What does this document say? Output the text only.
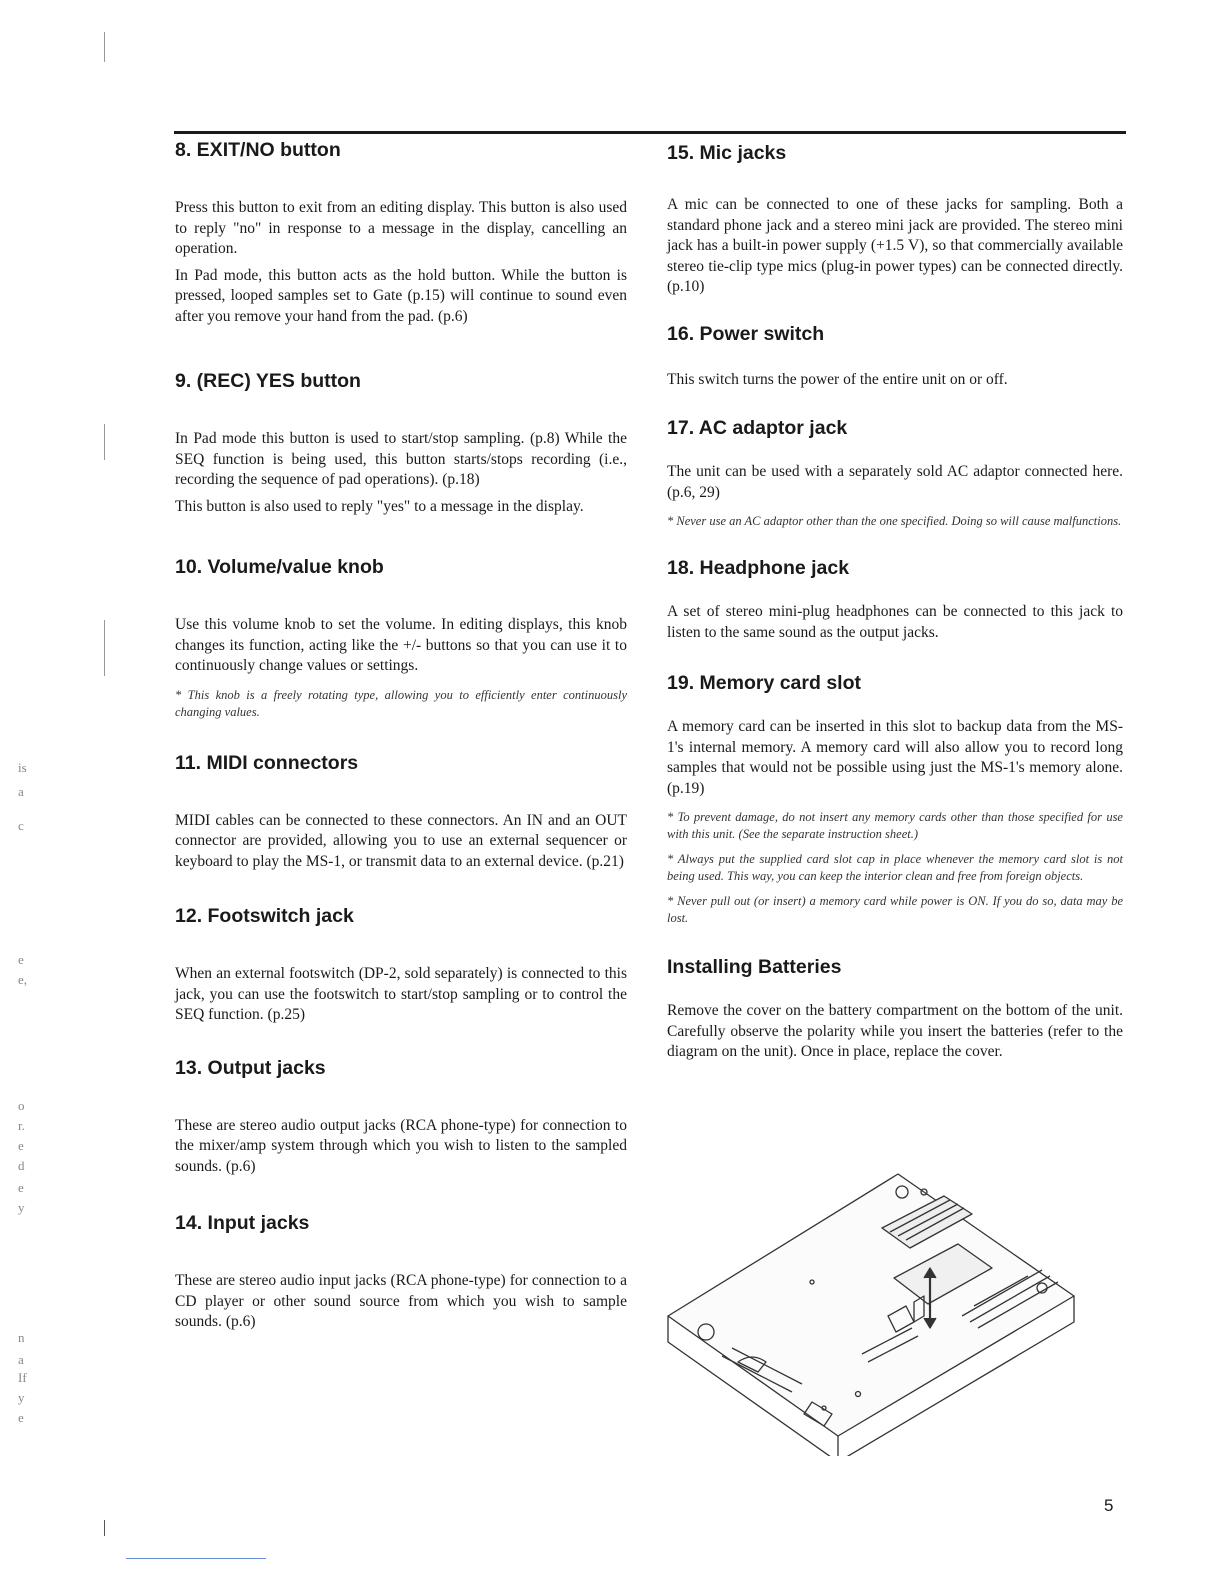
8. EXIT/NO button

Press this button to exit from an editing display. This button is also used to reply "no" in response to a message in the display, cancelling an operation.

In Pad mode, this button acts as the hold button. While the button is pressed, looped samples set to Gate (p.15) will continue to sound even after you remove your hand from the pad. (p.6)

9. (REC) YES button

In Pad mode this button is used to start/stop sampling. (p.8) While the SEQ function is being used, this button starts/stops recording (i.e., recording the sequence of pad operations). (p.18)

This button is also used to reply "yes" to a message in the display.

10. Volume/value knob

Use this volume knob to set the volume. In editing displays, this knob changes its function, acting like the +/- buttons so that you can use it to continuously change values or settings.

* This knob is a freely rotating type, allowing you to efficiently enter continuously changing values.

11. MIDI connectors

MIDI cables can be connected to these connectors. An IN and an OUT connector are provided, allowing you to use an external sequencer or keyboard to play the MS-1, or transmit data to an external device. (p.21)

12. Footswitch jack

When an external footswitch (DP-2, sold separately) is connected to this jack, you can use the footswitch to start/stop sampling or to control the SEQ function. (p.25)

13. Output jacks

These are stereo audio output jacks (RCA phone-type) for connection to the mixer/amp system through which you wish to listen to the sampled sounds. (p.6)

14. Input jacks

These are stereo audio input jacks (RCA phone-type) for connection to a CD player or other sound source from which you wish to sample sounds. (p.6)

15. Mic jacks

A mic can be connected to one of these jacks for sampling. Both a standard phone jack and a stereo mini jack are provided. The stereo mini jack has a built-in power supply (+1.5 V), so that commercially available stereo tie-clip type mics (plug-in power types) can be connected directly. (p.10)

16. Power switch

This switch turns the power of the entire unit on or off.

17. AC adaptor jack

The unit can be used with a separately sold AC adaptor connected here. (p.6, 29)

* Never use an AC adaptor other than the one specified. Doing so will cause malfunctions.

18. Headphone jack

A set of stereo mini-plug headphones can be connected to this jack to listen to the same sound as the output jacks.

19. Memory card slot

A memory card can be inserted in this slot to backup data from the MS-1's internal memory. A memory card will also allow you to record long samples that would not be possible using just the MS-1's memory alone. (p.19)

* To prevent damage, do not insert any memory cards other than those specified for use with this unit. (See the separate instruction sheet.)

* Always put the supplied card slot cap in place whenever the memory card slot is not being used. This way, you can keep the interior clean and free from foreign objects.

* Never pull out (or insert) a memory card while power is ON. If you do so, data may be lost.

Installing Batteries

Remove the cover on the battery compartment on the bottom of the unit. Carefully observe the polarity while you insert the batteries (refer to the diagram on the unit). Once in place, replace the cover.

is
a
c
e
e,
o
r.
e
d
e
y
n
a
If
y
e
5
